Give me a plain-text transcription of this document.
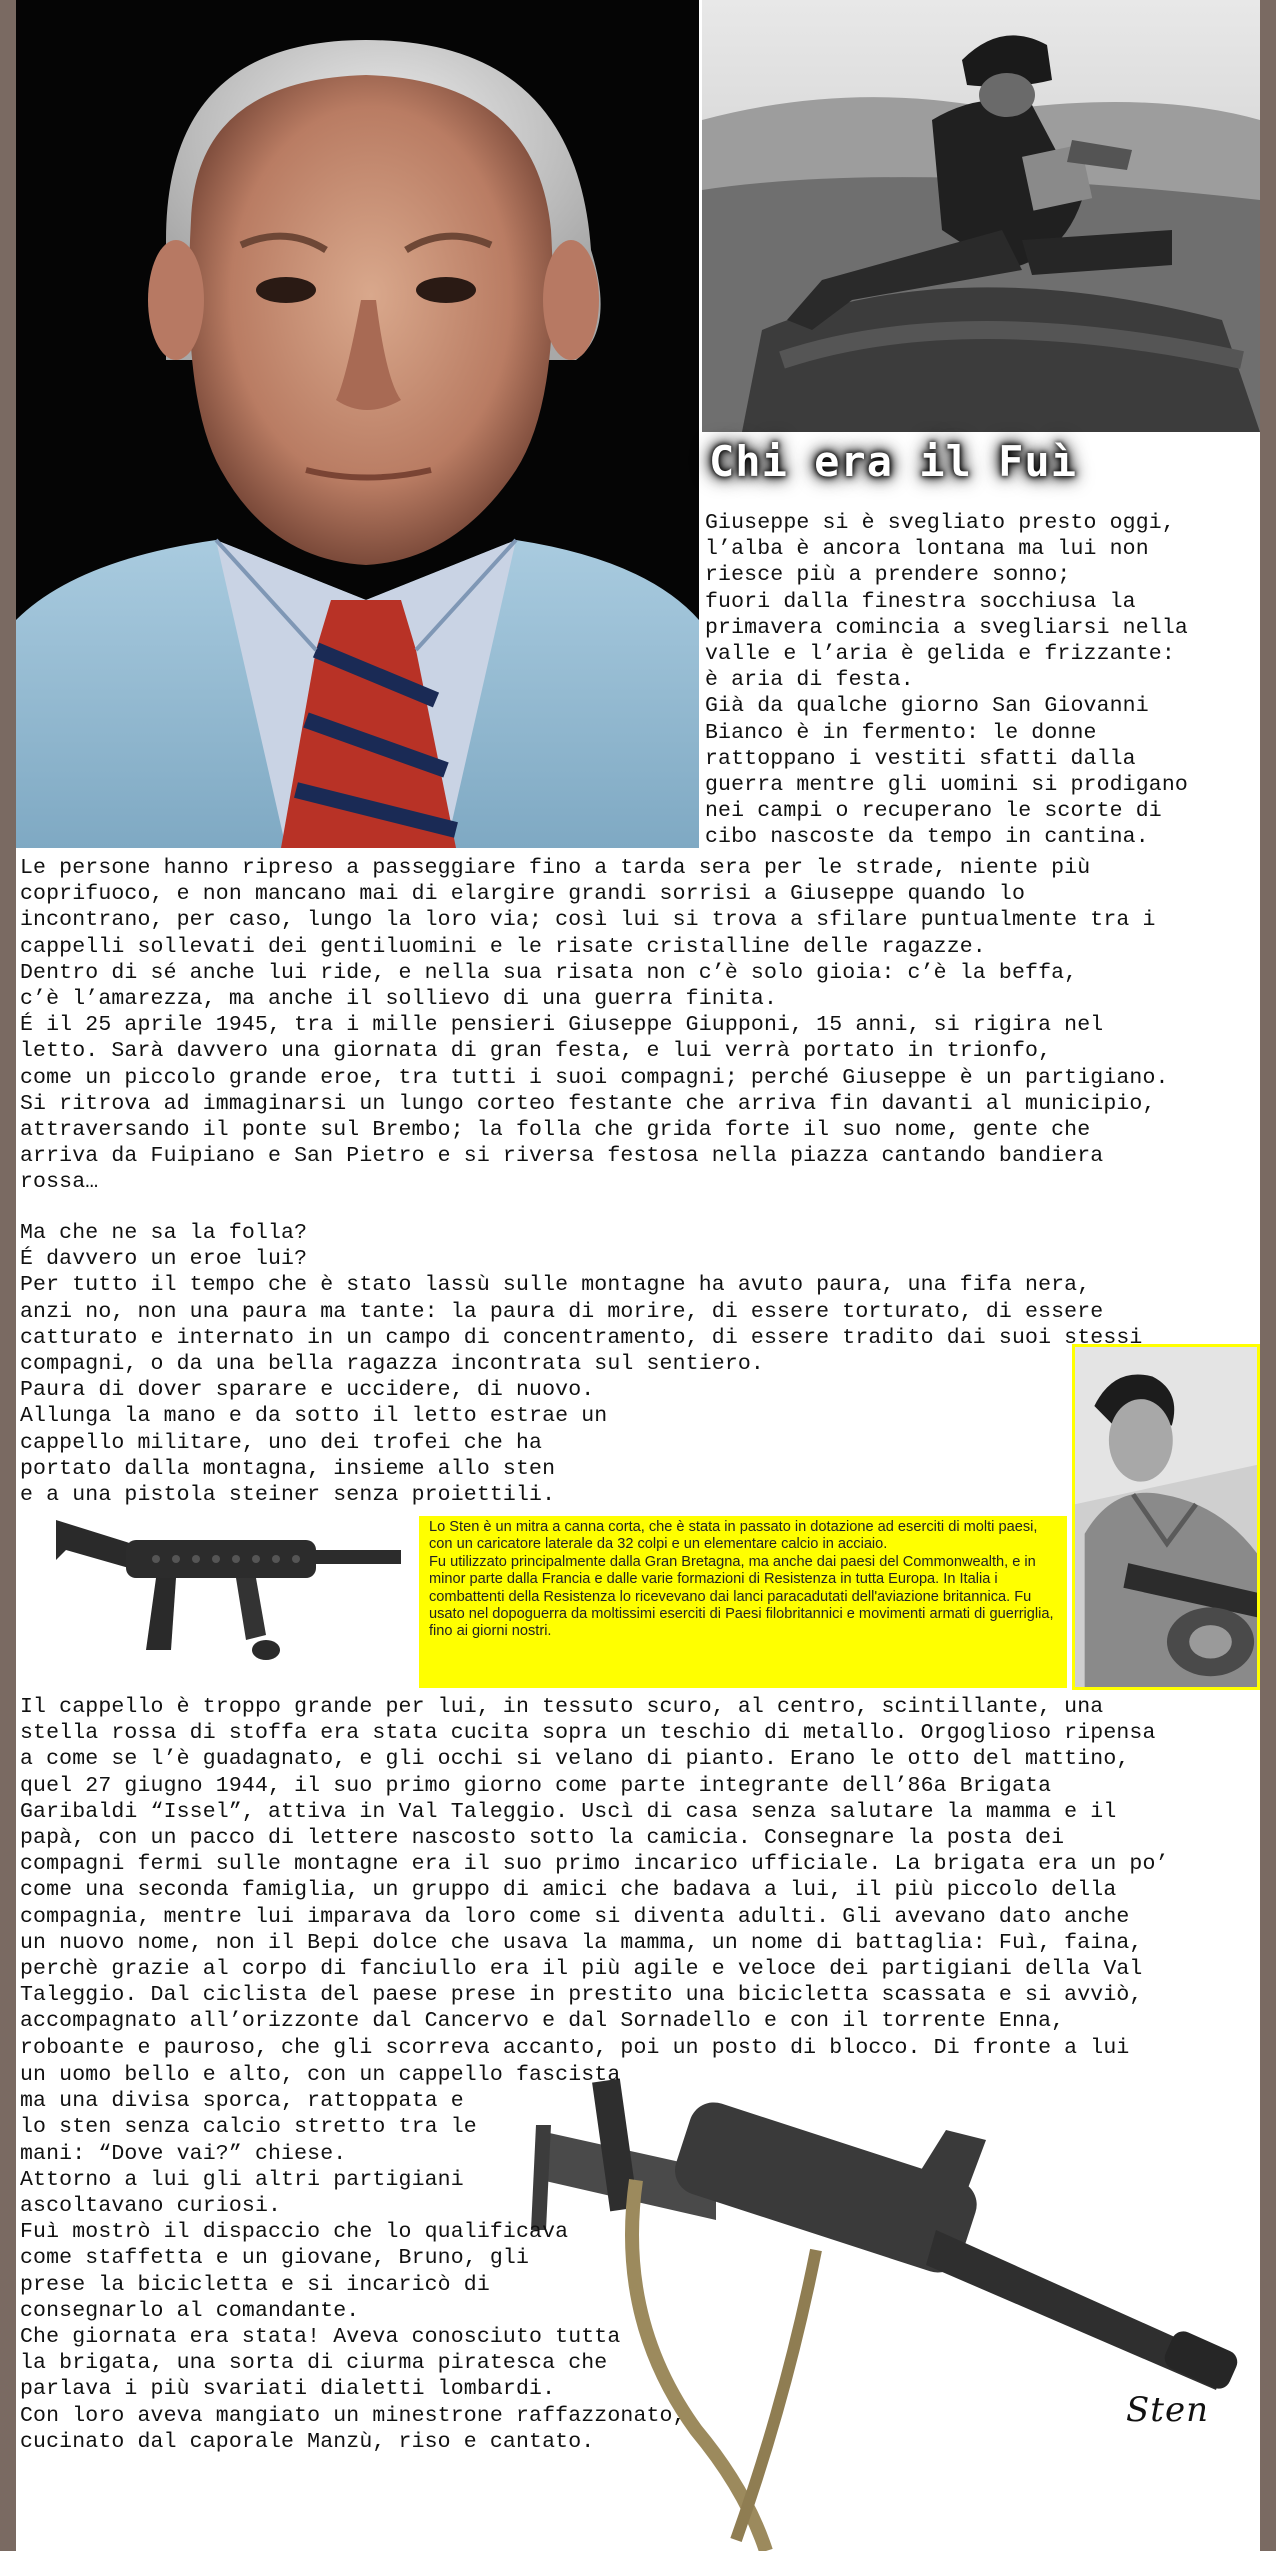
Chi era il Fuì

Giuseppe si è svegliato presto oggi,
l’alba è ancora lontana ma lui non
riesce più a prendere sonno;
fuori dalla finestra socchiusa la
primavera comincia a svegliarsi nella
valle e l’aria è gelida e frizzante:
è aria di festa.
Già da qualche giorno San Giovanni
Bianco è in fermento: le donne
rattoppano i vestiti sfatti dalla
guerra mentre gli uomini si prodigano
nei campi o recuperano le scorte di
cibo nascoste da tempo in cantina.

Le persone hanno ripreso a passeggiare fino a tarda sera per le strade, niente più
coprifuoco, e non mancano mai di elargire grandi sorrisi a Giuseppe quando lo
incontrano, per caso, lungo la loro via; così lui si trova a sfilare puntualmente tra i
cappelli sollevati dei gentiluomini e le risate cristalline delle ragazze.
Dentro di sé anche lui ride, e nella sua risata non c’è solo gioia: c’è la beffa,
c’è l’amarezza, ma anche il sollievo di una guerra finita.
É il 25 aprile 1945, tra i mille pensieri Giuseppe Giupponi, 15 anni, si rigira nel
letto. Sarà davvero una giornata di gran festa, e lui verrà portato in trionfo,
come un piccolo grande eroe, tra tutti i suoi compagni; perché Giuseppe è un partigiano.
Si ritrova ad immaginarsi un lungo corteo festante che arriva fin davanti al municipio,
attraversando il ponte sul Brembo; la folla che grida forte il suo nome, gente che
arriva da Fuipiano e San Pietro e si riversa festosa nella piazza cantando bandiera
rossa…

Ma che ne sa la folla?
É davvero un eroe lui?
Per tutto il tempo che è stato lassù sulle montagne ha avuto paura, una fifa nera,
anzi no, non una paura ma tante: la paura di morire, di essere torturato, di essere
catturato e internato in un campo di concentramento, di essere tradito dai suoi stessi
compagni, o da una bella ragazza incontrata sul sentiero.
Paura di dover sparare e uccidere, di nuovo.
Allunga la mano e da sotto il letto estrae un
cappello militare, uno dei trofei che ha
portato dalla montagna, insieme allo sten
e a una pistola steiner senza proiettili.

Lo Sten è un mitra a canna corta, che è stata in passato in dotazione ad eserciti di molti paesi, con un caricatore laterale da 32 colpi e un elementare calcio in acciaio.

Fu utilizzato principalmente dalla Gran Bretagna, ma anche dai paesi del Commonwealth, e in minor parte dalla Francia e dalle varie formazioni di Resistenza in tutta Europa. In Italia i combattenti della Resistenza lo ricevevano dai lanci paracadutati dell'aviazione britannica. Fu usato nel dopoguerra da moltissimi eserciti di Paesi filobritannici e movimenti armati di guerriglia, fino ai giorni nostri.

Il cappello è troppo grande per lui, in tessuto scuro, al centro, scintillante, una
stella rossa di stoffa era stata cucita sopra un teschio di metallo. Orgoglioso ripensa
a come se l’è guadagnato, e gli occhi si velano di pianto. Erano le otto del mattino,
quel 27 giugno 1944, il suo primo giorno come parte integrante dell’86a Brigata
Garibaldi “Issel”, attiva in Val Taleggio. Uscì di casa senza salutare la mamma e il
papà, con un pacco di lettere nascosto sotto la camicia. Consegnare la posta dei
compagni fermi sulle montagne era il suo primo incarico ufficiale. La brigata era un po’
come una seconda famiglia, un gruppo di amici che badava a lui, il più piccolo della
compagnia, mentre lui imparava da loro come si diventa adulti. Gli avevano dato anche
un nuovo nome, non il Bepi dolce che usava la mamma, un nome di battaglia: Fuì, faina,
perchè grazie al corpo di fanciullo era il più agile e veloce dei partigiani della Val
Taleggio. Dal ciclista del paese prese in prestito una bicicletta scassata e si avviò,
accompagnato all’orizzonte dal Cancervo e dal Sornadello e con il torrente Enna,
roboante e pauroso, che gli scorreva accanto, poi un posto di blocco. Di fronte a lui

un uomo bello e alto, con un cappello fascista
ma una divisa sporca, rattoppata e
lo sten senza calcio stretto tra le
mani: “Dove vai?” chiese.
Attorno a lui gli altri partigiani
ascoltavano curiosi.
Fuì mostrò il dispaccio che lo qualificava
come staffetta e un giovane, Bruno, gli
prese la bicicletta e si incaricò di
consegnarlo al comandante.
Che giornata era stata! Aveva conosciuto tutta
la brigata, una sorta di ciurma piratesca che
parlava i più svariati dialetti lombardi.
Con loro aveva mangiato un minestrone raffazzonato,
cucinato dal caporale Manzù, riso e cantato.

Sten
